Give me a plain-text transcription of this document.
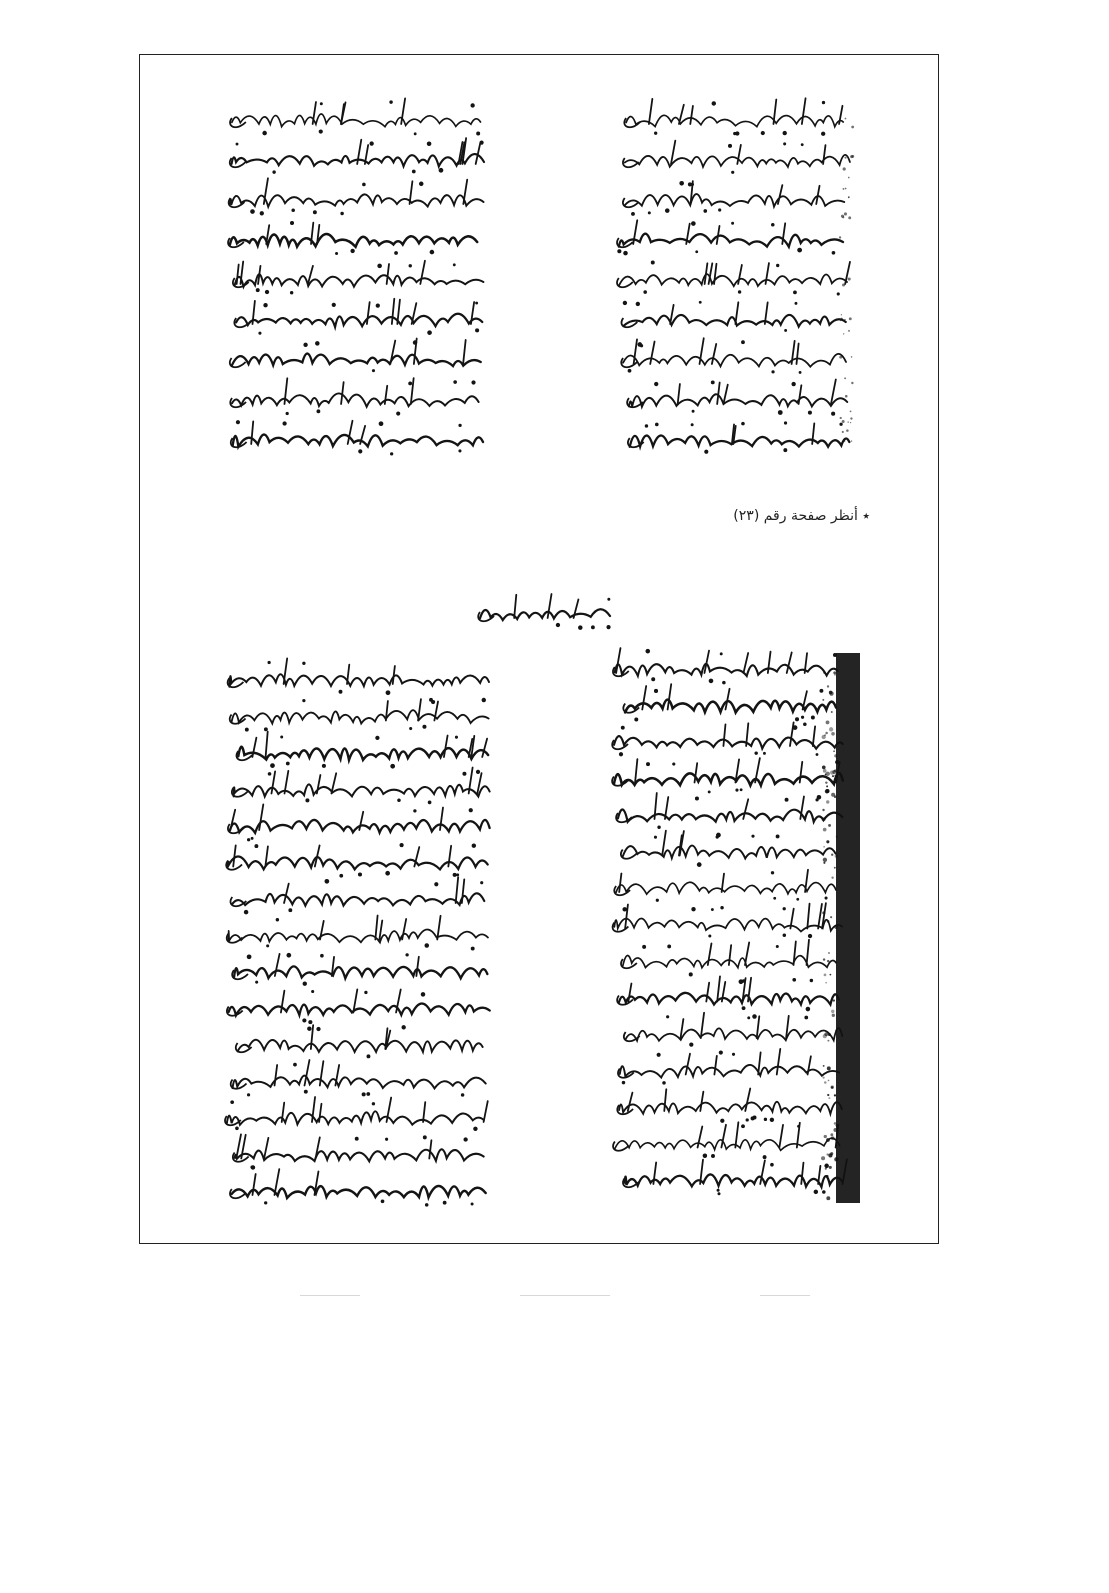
٭ أنظر صفحة رقم (٢٣)
